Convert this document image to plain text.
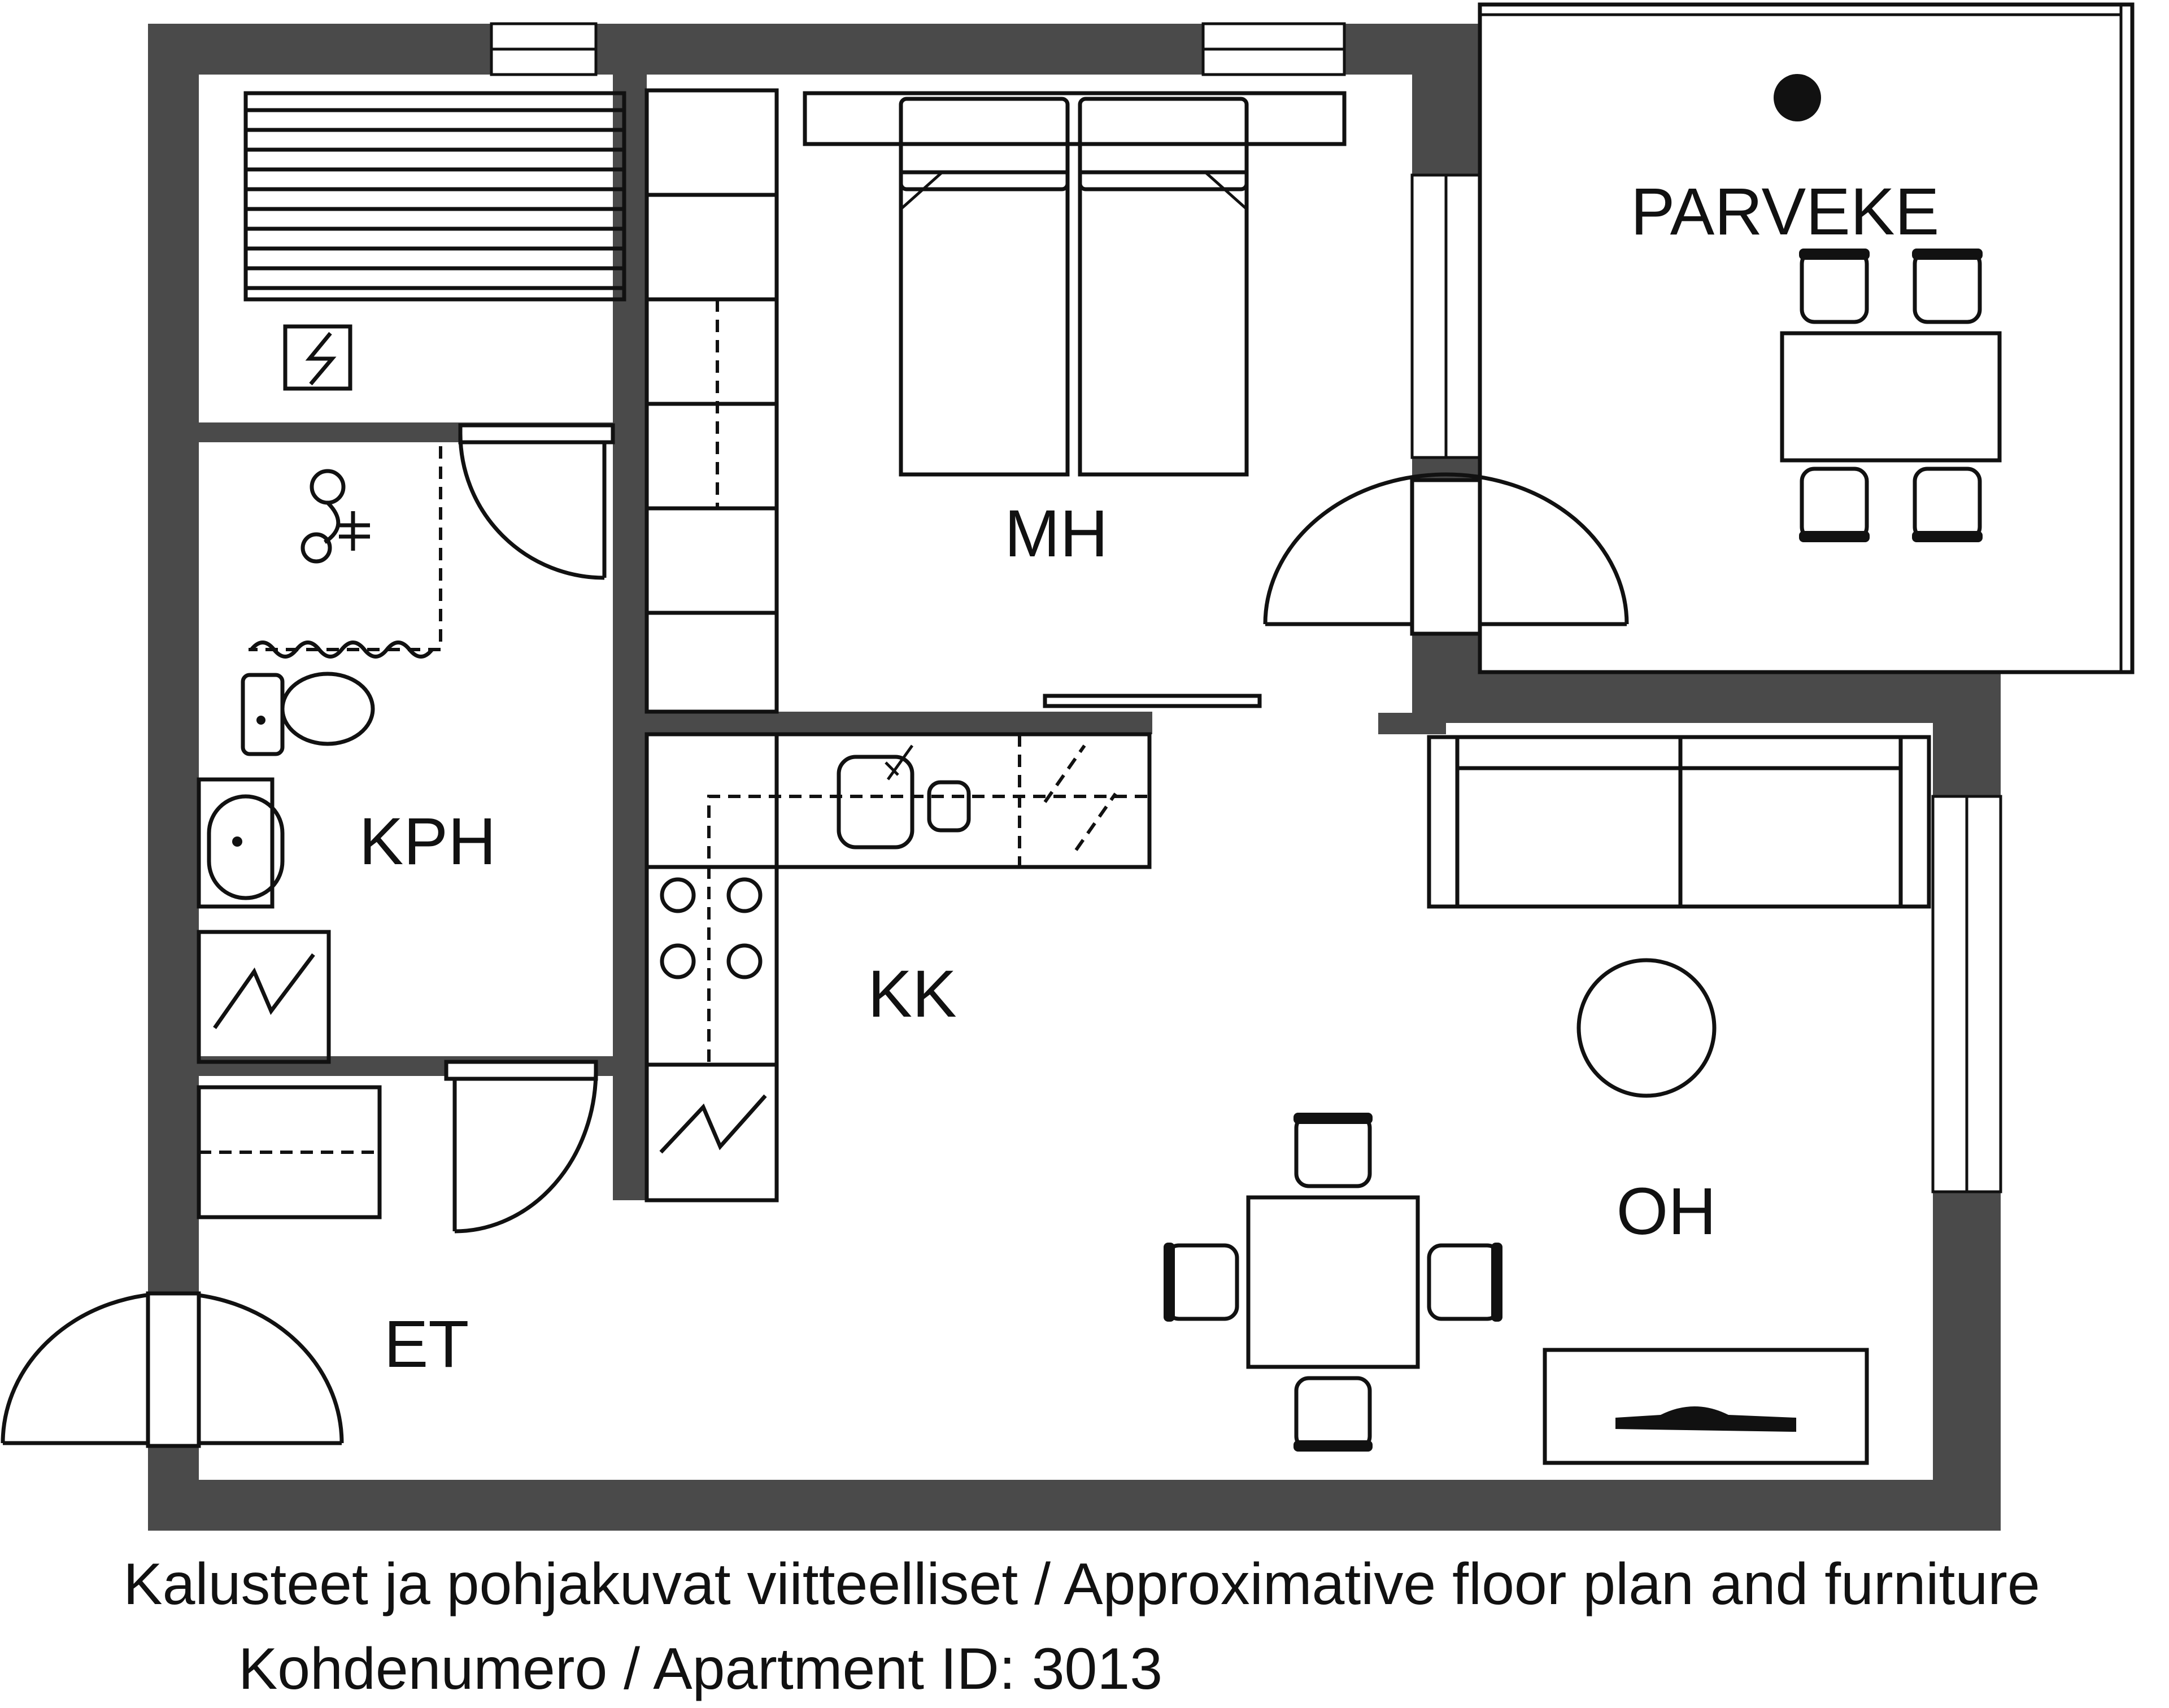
PARVEKE
MH
KPH
KK
OH
ET
Kalusteet ja pohjakuvat viitteelliset / Approximative floor plan and furniture
Kohdenumero / Apartment ID: 3013
